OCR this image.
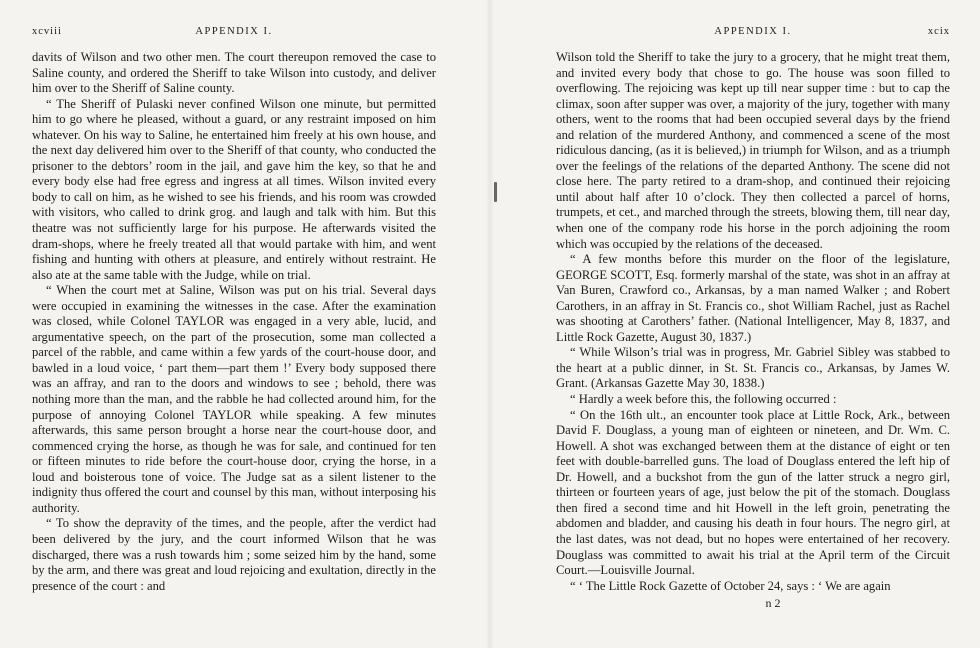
xcviii	APPENDIX I.

davits of Wilson and two other men. The court thereupon removed the case to Saline county, and ordered the Sheriff to take Wilson into custody, and deliver him over to the Sheriff of Saline county.

“ The Sheriff of Pulaski never confined Wilson one minute, but permitted him to go where he pleased, without a guard, or any restraint imposed on him whatever. On his way to Saline, he entertained him freely at his own house, and the next day delivered him over to the Sheriff of that county, who conducted the prisoner to the debtors’ room in the jail, and gave him the key, so that he and every body else had free egress and ingress at all times. Wilson invited every body to call on him, as he wished to see his friends, and his room was crowded with visitors, who called to drink grog. and laugh and talk with him. But this theatre was not sufficiently large for his purpose. He afterwards visited the dram-shops, where he freely treated all that would partake with him, and went fishing and hunting with others at pleasure, and entirely without restraint. He also ate at the same table with the Judge, while on trial.

“ When the court met at Saline, Wilson was put on his trial. Several days were occupied in examining the witnesses in the case. After the examination was closed, while Colonel TAYLOR was engaged in a very able, lucid, and argumentative speech, on the part of the prosecution, some man collected a parcel of the rabble, and came within a few yards of the court-house door, and bawled in a loud voice, ‘ part them—part them !’ Every body supposed there was an affray, and ran to the doors and windows to see ; behold, there was nothing more than the man, and the rabble he had collected around him, for the purpose of annoying Colonel TAYLOR while speaking. A few minutes afterwards, this same person brought a horse near the court-house door, and commenced crying the horse, as though he was for sale, and continued for ten or fifteen minutes to ride before the court-house door, crying the horse, in a loud and boisterous tone of voice. The Judge sat as a silent listener to the indignity thus offered the court and counsel by this man, without interposing his authority.

“ To show the depravity of the times, and the people, after the verdict had been delivered by the jury, and the court informed Wilson that he was discharged, there was a rush towards him ; some seized him by the hand, some by the arm, and there was great and loud rejoicing and exultation, directly in the presence of the court : and

APPENDIX I.	xcix

Wilson told the Sheriff to take the jury to a grocery, that he might treat them, and invited every body that chose to go. The house was soon filled to overflowing. The rejoicing was kept up till near supper time : but to cap the climax, soon after supper was over, a majority of the jury, together with many others, went to the rooms that had been occupied several days by the friend and relation of the murdered Anthony, and commenced a scene of the most ridiculous dancing, (as it is believed,) in triumph for Wilson, and as a triumph over the feelings of the relations of the departed Anthony. The scene did not close here. The party retired to a dram-shop, and continued their rejoicing until about half after 10 o’clock. They then collected a parcel of horns, trumpets, et cet., and marched through the streets, blowing them, till near day, when one of the company rode his horse in the porch adjoining the room which was occupied by the relations of the deceased.

“ A few months before this murder on the floor of the legislature, GEORGE SCOTT, Esq. formerly marshal of the state, was shot in an affray at Van Buren, Crawford co., Arkansas, by a man named Walker ; and Robert Carothers, in an affray in St. Francis co., shot William Rachel, just as Rachel was shooting at Carothers’ father. (National Intelligencer, May 8, 1837, and Little Rock Gazette, August 30, 1837.)

“ While Wilson’s trial was in progress, Mr. Gabriel Sibley was stabbed to the heart at a public dinner, in St. St. Francis co., Arkansas, by James W. Grant. (Arkansas Gazette May 30, 1838.)

“ Hardly a week before this, the following occurred :

“ On the 16th ult., an encounter took place at Little Rock, Ark., between David F. Douglass, a young man of eighteen or nineteen, and Dr. Wm. C. Howell. A shot was exchanged between them at the distance of eight or ten feet with double-barrelled guns. The load of Douglass entered the left hip of Dr. Howell, and a buckshot from the gun of the latter struck a negro girl, thirteen or fourteen years of age, just below the pit of the stomach. Douglass then fired a second time and hit Howell in the left groin, penetrating the abdomen and bladder, and causing his death in four hours. The negro girl, at the last dates, was not dead, but no hopes were entertained of her recovery. Douglass was committed to await his trial at the April term of the Circuit Court.—Louisville Journal.

“ ‘ The Little Rock Gazette of October 24, says : ‘ We are again

n 2
